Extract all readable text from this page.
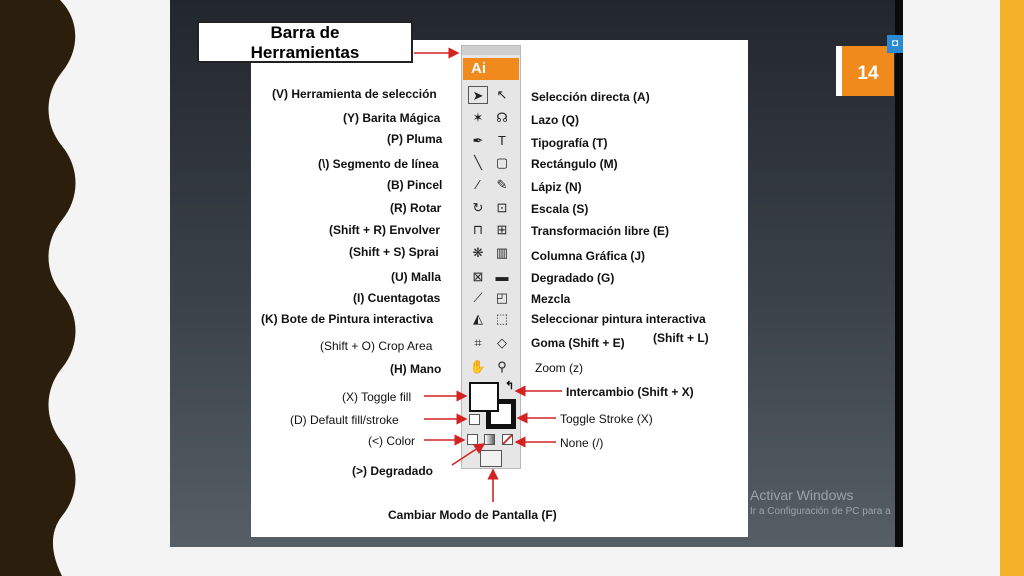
14
◘
Barra de
Herramientas
(V) Herramienta de selección
(Y) Barita Mágica
(P) Pluma
(\) Segmento de línea
(B) Pincel
(R) Rotar
(Shift + R) Envolver
(Shift + S) Sprai
(U) Malla
(I) Cuentagotas
(K) Bote de Pintura interactiva
(Shift + O) Crop Area
(H) Mano
(X) Toggle fill
(D) Default fill/stroke
(<) Color
(>) Degradado
Selección directa (A)
Lazo (Q)
Tipografía (T)
Rectángulo (M)
Lápiz (N)
Escala (S)
Transformación libre (E)
Columna Gráfica (J)
Degradado (G)
Mezcla
Seleccionar pintura interactiva
(Shift + L)
Goma (Shift + E)
Zoom (z)
Intercambio (Shift + X)
Toggle Stroke (X)
None (/)
Cambiar Modo de Pantalla (F)
Ai
➤	↖
✶ ☊
✒	T
╲	▢
⁄	✎
↻	⊡
⊓	⊞
❋ ▥
⊠ ▬
⟋	◰
◭ ⬚
⌗	◇
✋ ⚲
↰
Activar Windows
Ir a Configuración de PC para a
